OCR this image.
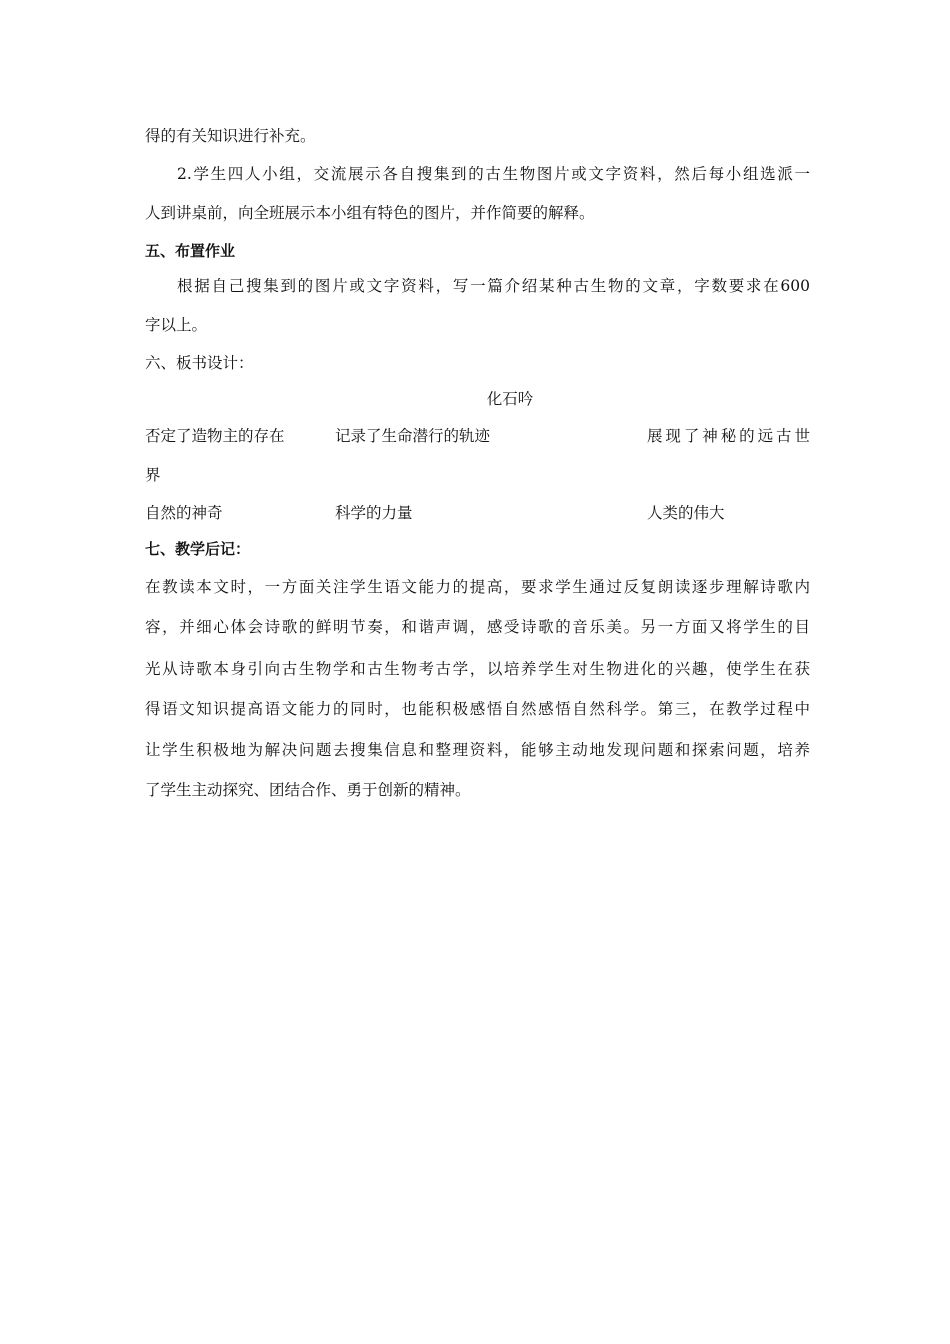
得的有关知识进行补充。

2.学生四人小组，交流展示各自搜集到的古生物图片或文字资料，然后每小组选派一

人到讲桌前，向全班展示本小组有特色的图片，并作简要的解释。

五、布置作业

根据自己搜集到的图片或文字资料，写一篇介绍某种古生物的文章，字数要求在600

字以上。

六、板书设计：

化石吟

否定了造物主的存在	记录了生命潜行的轨迹	展现了神秘的远古世
界
自然的神奇	科学的力量	人类的伟大

七、教学后记：

在教读本文时，一方面关注学生语文能力的提高，要求学生通过反复朗读逐步理解诗歌内

容，并细心体会诗歌的鲜明节奏，和谐声调，感受诗歌的音乐美。另一方面又将学生的目

光从诗歌本身引向古生物学和古生物考古学，以培养学生对生物进化的兴趣，使学生在获

得语文知识提高语文能力的同时，也能积极感悟自然感悟自然科学。第三，在教学过程中

让学生积极地为解决问题去搜集信息和整理资料，能够主动地发现问题和探索问题，培养

了学生主动探究、团结合作、勇于创新的精神。
